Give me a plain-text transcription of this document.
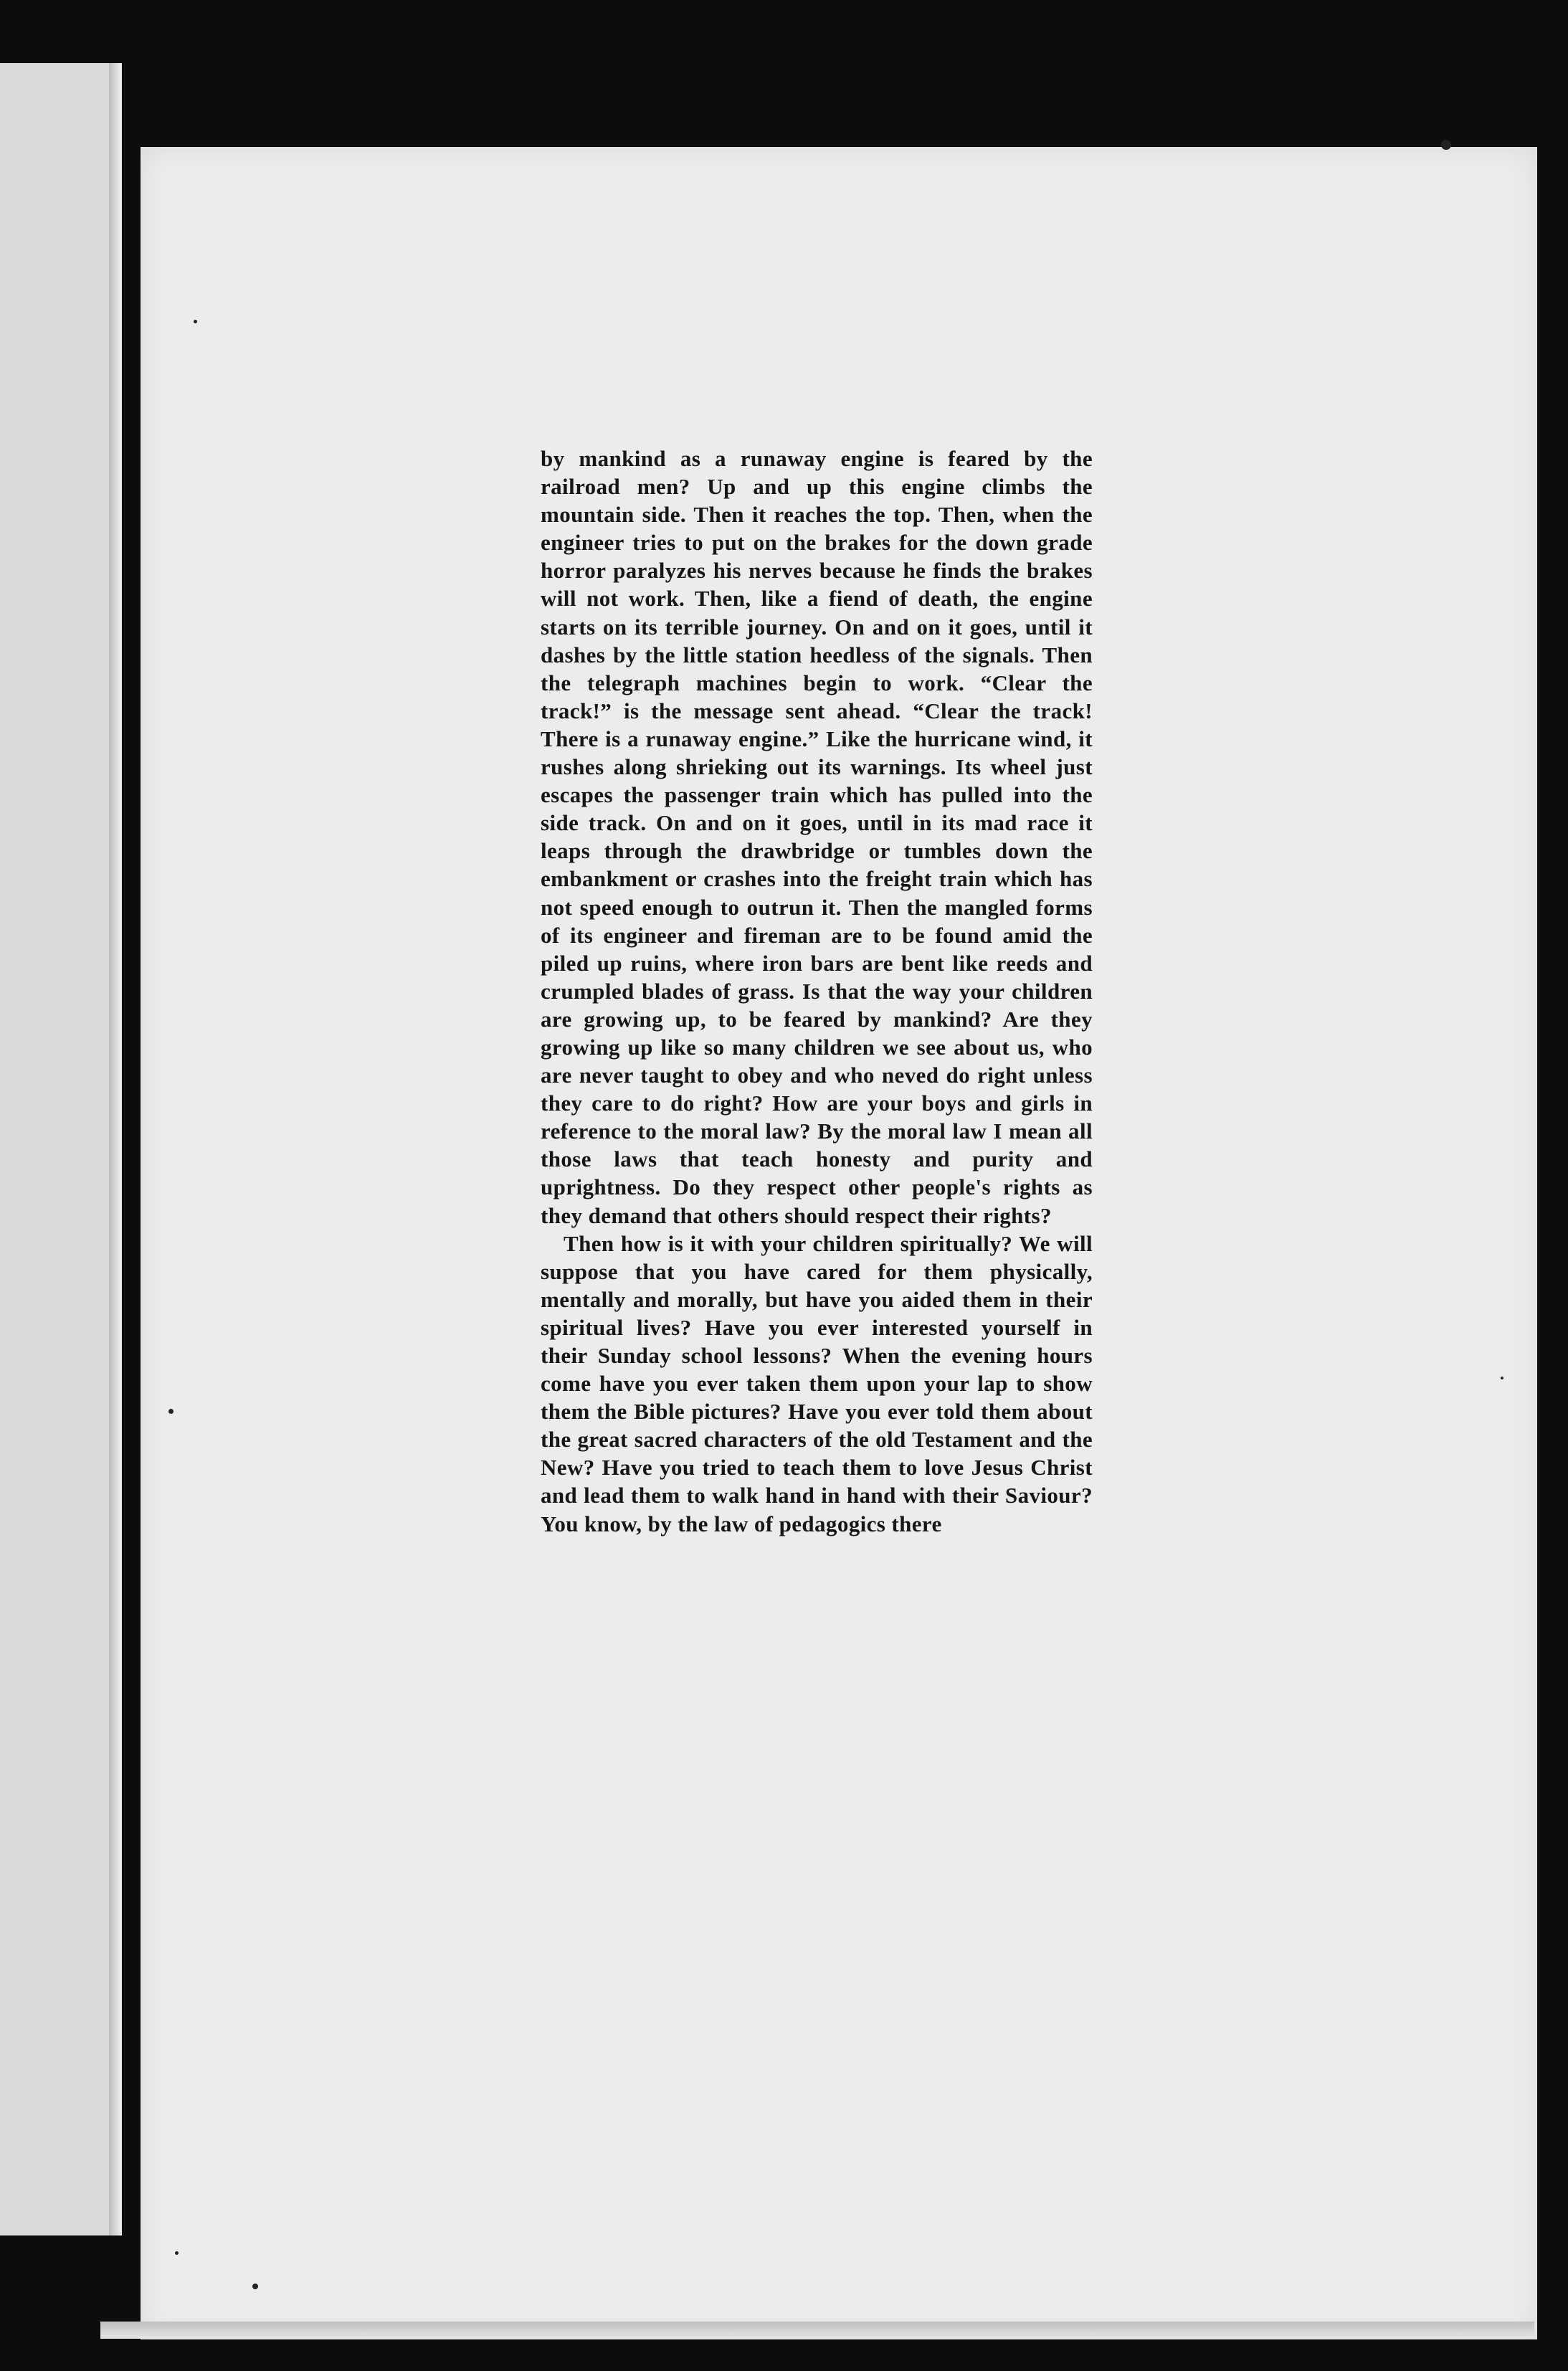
by mankind as a runaway engine is feared by the railroad men? Up and up this engine climbs the mountain side. Then it reaches the top. Then, when the engineer tries to put on the brakes for the down grade horror paralyzes his nerves because he finds the brakes will not work. Then, like a fiend of death, the engine starts on its terrible journey. On and on it goes, until it dashes by the little station heedless of the signals. Then the telegraph machines begin to work. “Clear the track!” is the message sent ahead. “Clear the track! There is a runaway engine.” Like the hurricane wind, it rushes along shrieking out its warnings. Its wheel just escapes the passenger train which has pulled into the side track. On and on it goes, until in its mad race it leaps through the drawbridge or tumbles down the embankment or crashes into the freight train which has not speed enough to outrun it. Then the mangled forms of its engineer and fireman are to be found amid the piled up ruins, where iron bars are bent like reeds and crumpled blades of grass. Is that the way your children are growing up, to be feared by mankind? Are they growing up like so many children we see about us, who are never taught to obey and who neved do right unless they care to do right? How are your boys and girls in reference to the moral law? By the moral law I mean all those laws that teach honesty and purity and uprightness. Do they respect other people's rights as they demand that others should respect their rights?

Then how is it with your children spiritually? We will suppose that you have cared for them physically, mentally and morally, but have you aided them in their spiritual lives? Have you ever interested yourself in their Sunday school lessons? When the evening hours come have you ever taken them upon your lap to show them the Bible pictures? Have you ever told them about the great sacred characters of the old Testament and the New? Have you tried to teach them to love Jesus Christ and lead them to walk hand in hand with their Saviour? You know, by the law of pedagogics there
